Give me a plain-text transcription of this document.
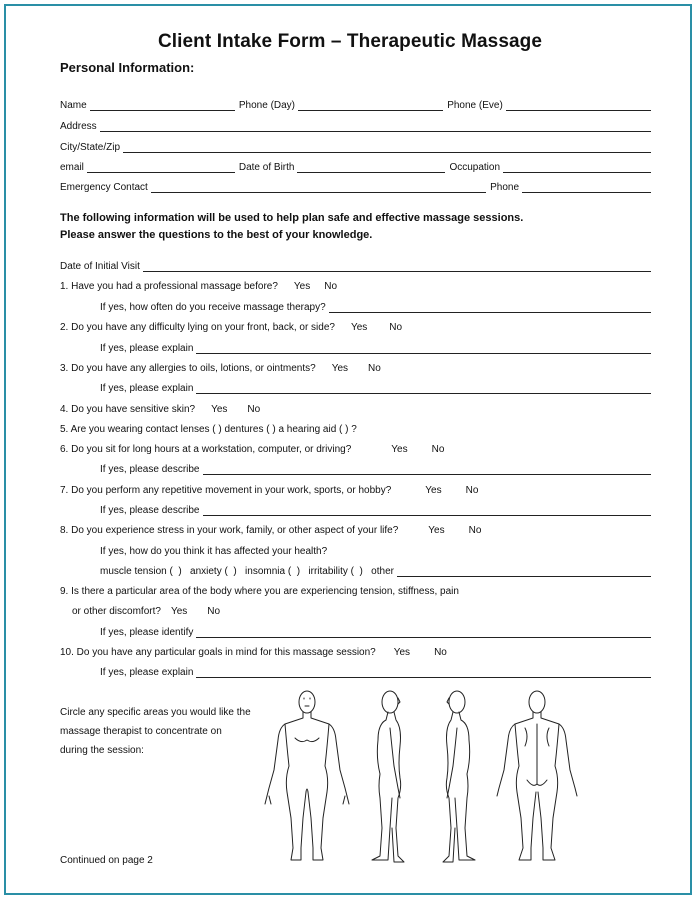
Client Intake Form – Therapeutic Massage
Personal Information:
Name	Phone (Day)	Phone (Eve)
Address
City/State/Zip
email	Date of Birth	Occupation
Emergency Contact	Phone
The following information will be used to help plan safe and effective massage sessions.
Please answer the questions to the best of your knowledge.
Date of Initial Visit
1. Have you had a professional massage before? Yes No
If yes, how often do you receive massage therapy?
2. Do you have any difficulty lying on your front, back, or side? Yes No
If yes, please explain
3. Do you have any allergies to oils, lotions, or ointments? Yes No
If yes, please explain
4. Do you have sensitive skin? Yes No
5. Are you wearing contact lenses ( ) dentures ( ) a hearing aid ( ) ?
6. Do you sit for long hours at a workstation, computer, or driving?	Yes No
If yes, please describe
7. Do you perform any repetitive movement in your work, sports, or hobby?	Yes No
If yes, please describe
8. Do you experience stress in your work, family, or other aspect of your life?	Yes No
If yes, how do you think it has affected your health?
muscle tension (  )   anxiety (  )   insomnia (  )   irritability (  )   other
9. Is there a particular area of the body where you are experiencing tension, stiffness, pain
or other discomfort? Yes No
If yes, please identify
10. Do you have any particular goals in mind for this massage session? Yes No
If yes, please explain
Circle any specific areas you would like the
massage therapist to concentrate on
during the session:
Continued on page 2
